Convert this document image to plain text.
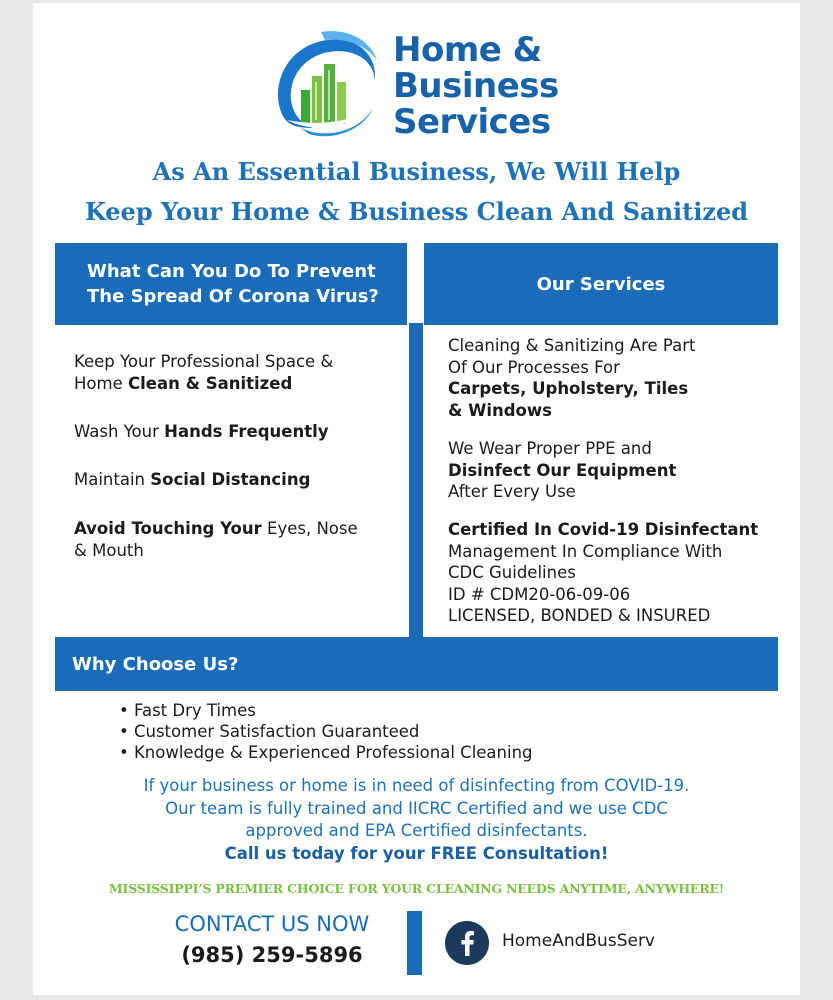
Home &
Business
Services
As An Essential Business, We Will Help
Keep Your Home & Business Clean And Sanitized
What Can You Do To Prevent
The Spread Of Corona Virus?
Our Services
Keep Your Professional Space &
Home Clean & Sanitized
Wash Your Hands Frequently
Maintain Social Distancing
Avoid Touching Your Eyes, Nose
& Mouth
Cleaning & Sanitizing Are Part
Of Our Processes For
Carpets, Upholstery, Tiles
& Windows
We Wear Proper PPE and
Disinfect Our Equipment
After Every Use
Certified In Covid-19 Disinfectant
Management In Compliance With
CDC Guidelines
ID # CDM20-06-09-06
LICENSED, BONDED & INSURED
Why Choose Us?
• Fast Dry Times
• Customer Satisfaction Guaranteed
• Knowledge & Experienced Professional Cleaning
If your business or home is in need of disinfecting from COVID-19.
Our team is fully trained and IICRC Certified and we use CDC
approved and EPA Certified disinfectants.
Call us today for your FREE Consultation!
MISSISSIPPI’S PREMIER CHOICE FOR YOUR CLEANING NEEDS ANYTIME, ANYWHERE!
CONTACT US NOW
(985) 259-5896
HomeAndBusServ
